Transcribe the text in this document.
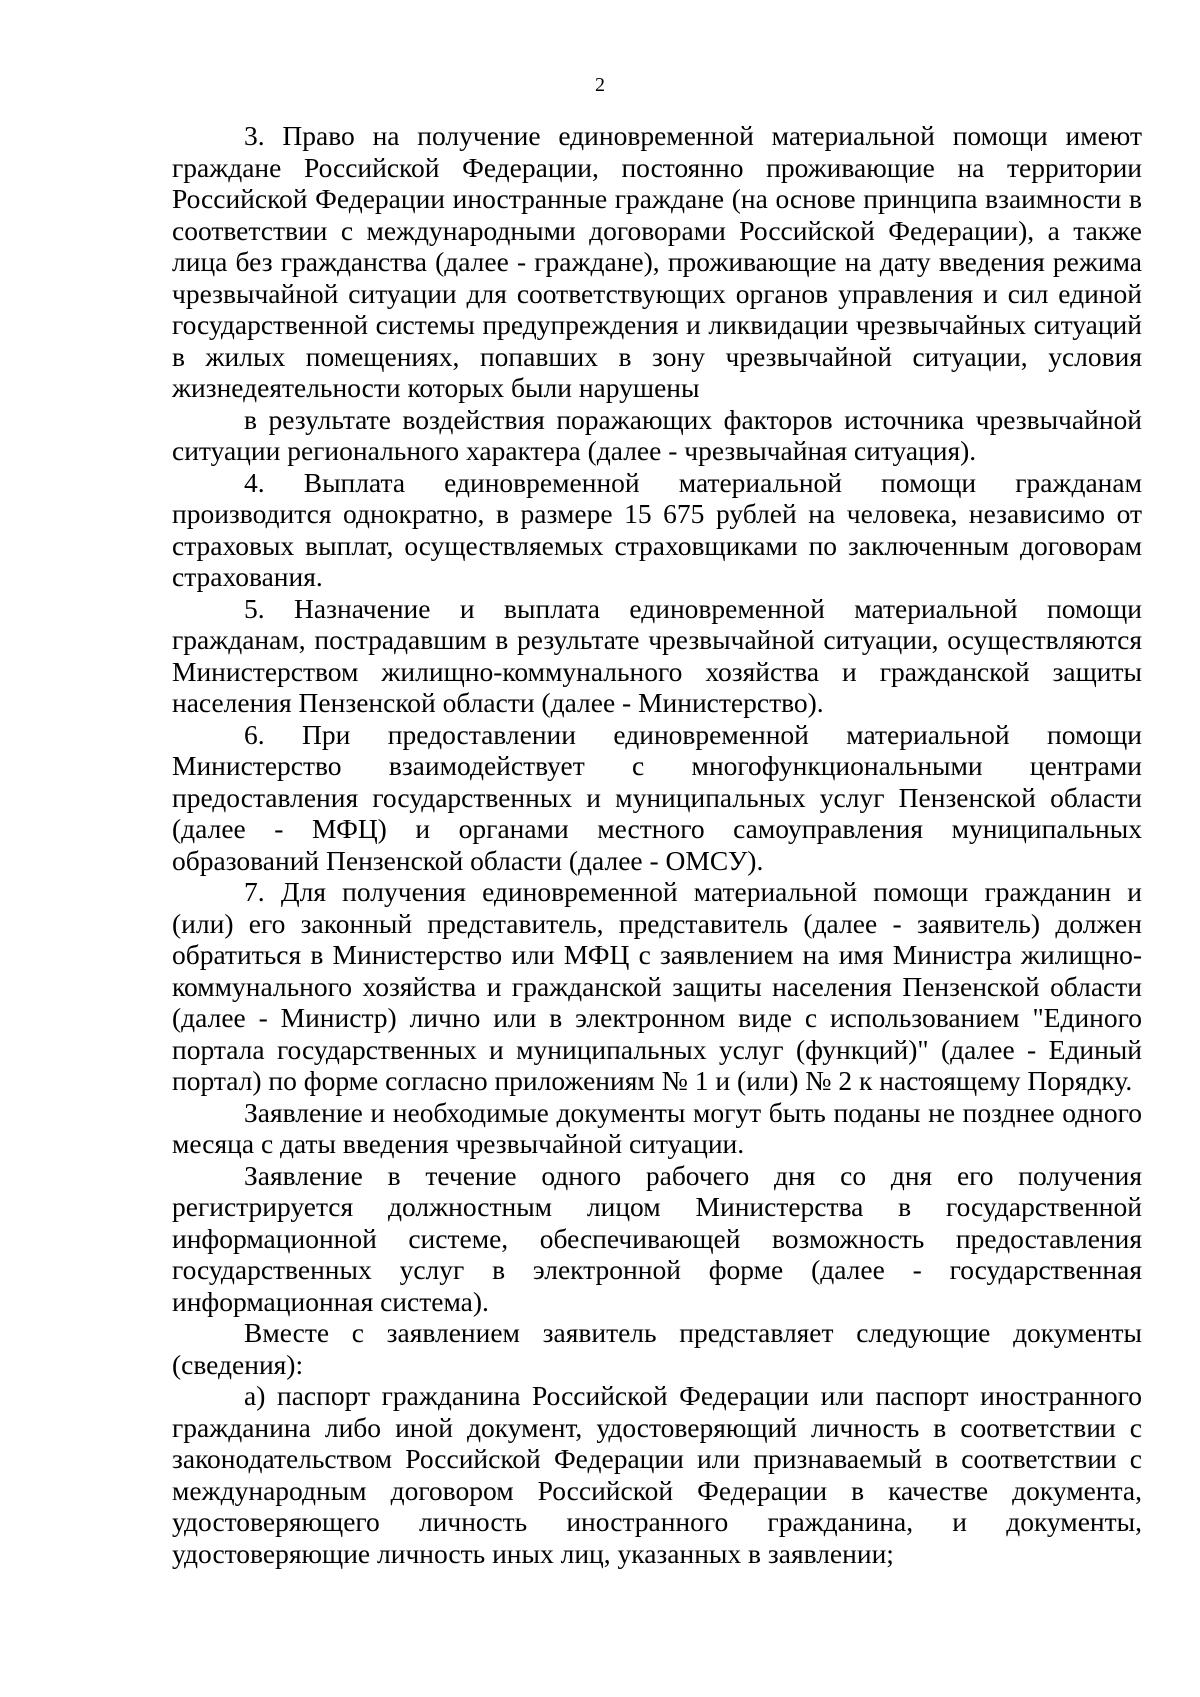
2

3. Право на получение единовременной материальной помощи имеют граждане Российской Федерации, постоянно проживающие на территории Российской Федерации иностранные граждане (на основе принципа взаимности в соответствии с международными договорами Российской Федерации), а также лица без гражданства (далее - граждане), проживающие на дату введения режима чрезвычайной ситуации для соответствующих органов управления и сил единой государственной системы предупреждения и ликвидации чрезвычайных ситуаций в жилых помещениях, попавших в зону чрезвычайной ситуации, условия жизнедеятельности которых были нарушены

в результате воздействия поражающих факторов источника чрезвычайной ситуации регионального характера (далее - чрезвычайная ситуация).

4. Выплата единовременной материальной помощи гражданам производится однократно, в размере 15 675 рублей на человека, независимо от страховых выплат, осуществляемых страховщиками по заключенным договорам страхования.

5. Назначение и выплата единовременной материальной помощи гражданам, пострадавшим в результате чрезвычайной ситуации, осуществляются Министерством жилищно-коммунального хозяйства и гражданской защиты населения Пензенской области (далее - Министерство).

6. При предоставлении единовременной материальной помощи Министерство взаимодействует с многофункциональными центрами предоставления государственных и муниципальных услуг Пензенской области (далее - МФЦ) и органами местного самоуправления муниципальных образований Пензенской области (далее - ОМСУ).

7. Для получения единовременной материальной помощи гражданин и (или) его законный представитель, представитель (далее - заявитель) должен обратиться в Министерство или МФЦ с заявлением на имя Министра жилищно-коммунального хозяйства и гражданской защиты населения Пензенской области (далее - Министр) лично или в электронном виде с использованием "Единого портала государственных и муниципальных услуг (функций)" (далее - Единый портал) по форме согласно приложениям № 1 и (или) № 2 к настоящему Порядку.

Заявление и необходимые документы могут быть поданы не позднее одного месяца с даты введения чрезвычайной ситуации.

Заявление в течение одного рабочего дня со дня его получения регистрируется должностным лицом Министерства в государственной информационной системе, обеспечивающей возможность предоставления государственных услуг в электронной форме (далее - государственная информационная система).

Вместе с заявлением заявитель представляет следующие документы (сведения):

а) паспорт гражданина Российской Федерации или паспорт иностранного гражданина либо иной документ, удостоверяющий личность в соответствии с законодательством Российской Федерации или признаваемый в соответствии с международным договором Российской Федерации в качестве документа, удостоверяющего личность иностранного гражданина, и документы, удостоверяющие личность иных лиц, указанных в заявлении;
